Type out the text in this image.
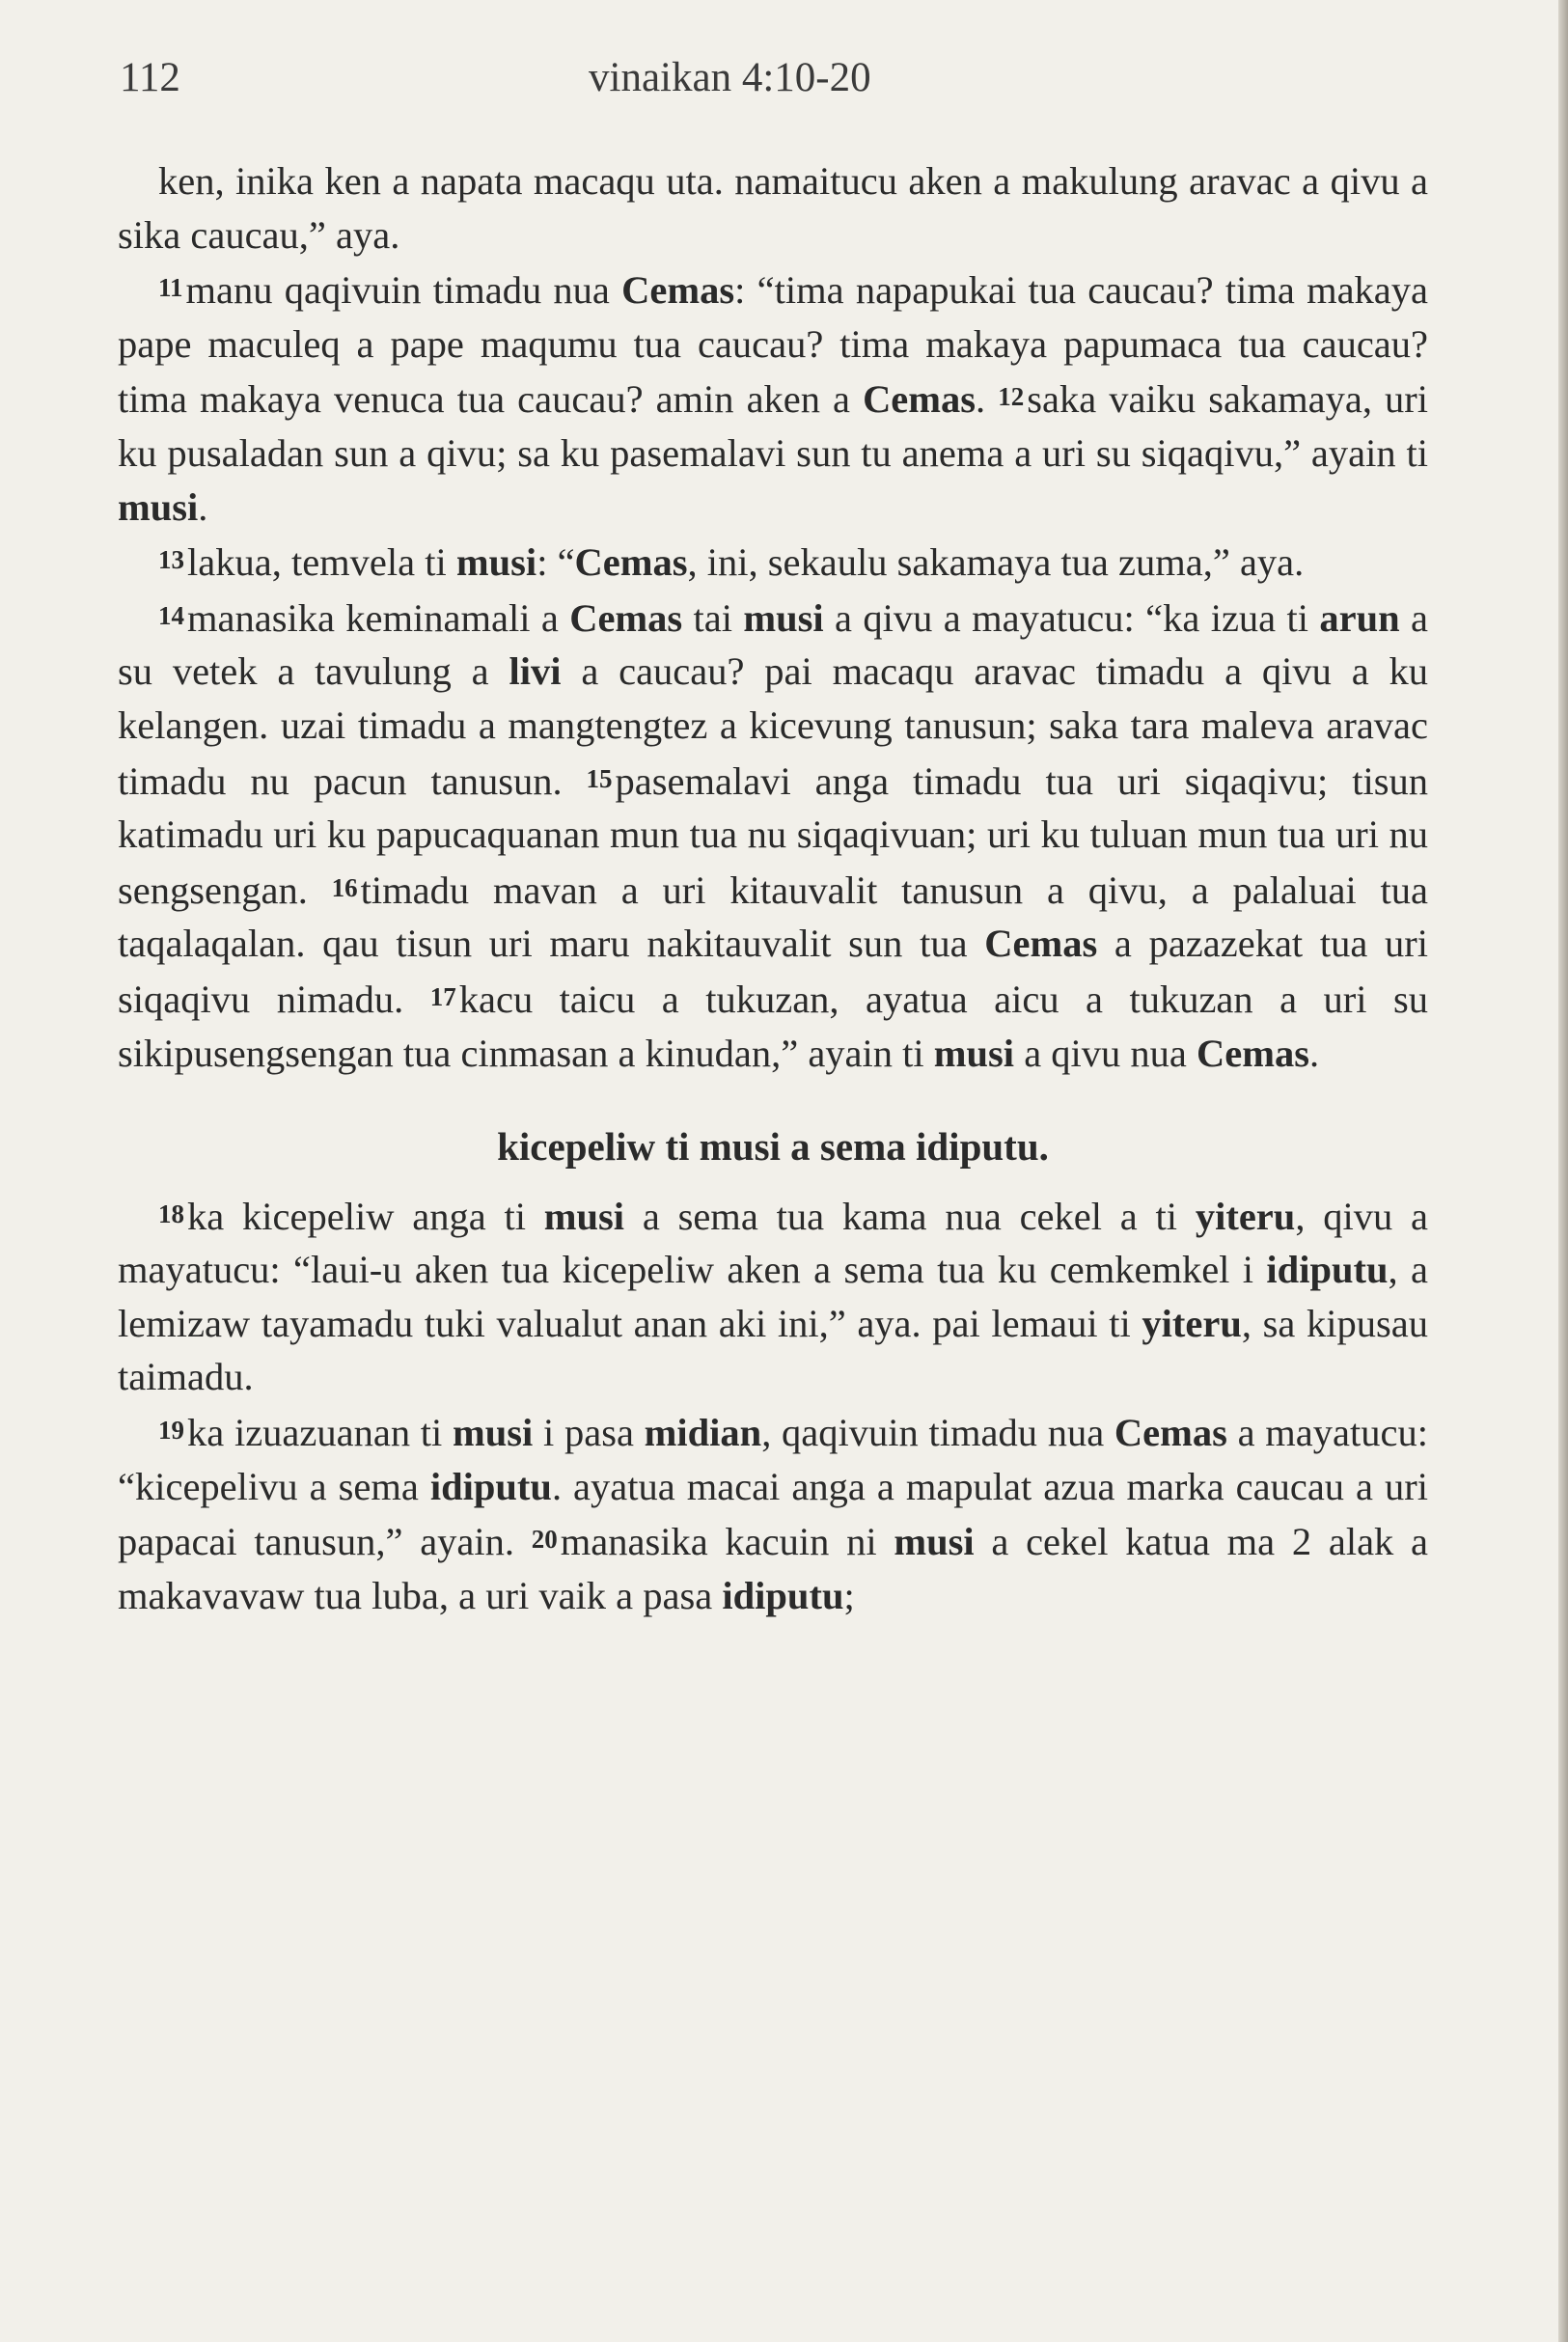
112	vinaikan 4:10-20

ken, inika ken a napata macaqu uta. namaitucu aken a makulung aravac a qivu a sika caucau,” aya.

11manu qaqivuin timadu nua Cemas: “tima napapukai tua caucau? tima makaya pape maculeq a pape maqumu tua caucau? tima makaya papumaca tua caucau? tima makaya venuca tua caucau? amin aken a Cemas. 12saka vaiku sakamaya, uri ku pusaladan sun a qivu; sa ku pasemalavi sun tu anema a uri su siqaqivu,” ayain ti musi.

13lakua, temvela ti musi: “Cemas, ini, sekaulu sakamaya tua zuma,” aya.

14manasika keminamali a Cemas tai musi a qivu a mayatucu: “ka izua ti arun a su vetek a tavulung a livi a caucau? pai macaqu aravac timadu a qivu a ku kelangen. uzai timadu a mangtengtez a kicevung tanusun; saka tara maleva aravac timadu nu pacun tanusun. 15pasemalavi anga timadu tua uri siqaqivu; tisun katimadu uri ku papucaquanan mun tua nu siqaqivuan; uri ku tuluan mun tua uri nu sengsengan. 16timadu mavan a uri kitauvalit tanusun a qivu, a palaluai tua taqalaqalan. qau tisun uri maru nakitauvalit sun tua Cemas a pazazekat tua uri siqaqivu nimadu. 17kacu taicu a tukuzan, ayatua aicu a tukuzan a uri su sikipusengsengan tua cinmasan a kinudan,” ayain ti musi a qivu nua Cemas.

kicepeliw ti musi a sema idiputu.

18ka kicepeliw anga ti musi a sema tua kama nua cekel a ti yiteru, qivu a mayatucu: “laui-u aken tua kicepeliw aken a sema tua ku cemkemkel i idiputu, a lemizaw tayamadu tuki valualut anan aki ini,” aya. pai lemaui ti yiteru, sa kipusau taimadu.

19ka izuazuanan ti musi i pasa midian, qaqivuin timadu nua Cemas a mayatucu: “kicepelivu a sema idiputu. ayatua macai anga a mapulat azua marka caucau a uri papacai tanusun,” ayain. 20manasika kacuin ni musi a cekel katua ma 2 alak a makavavaw tua luba, a uri vaik a pasa idiputu;
